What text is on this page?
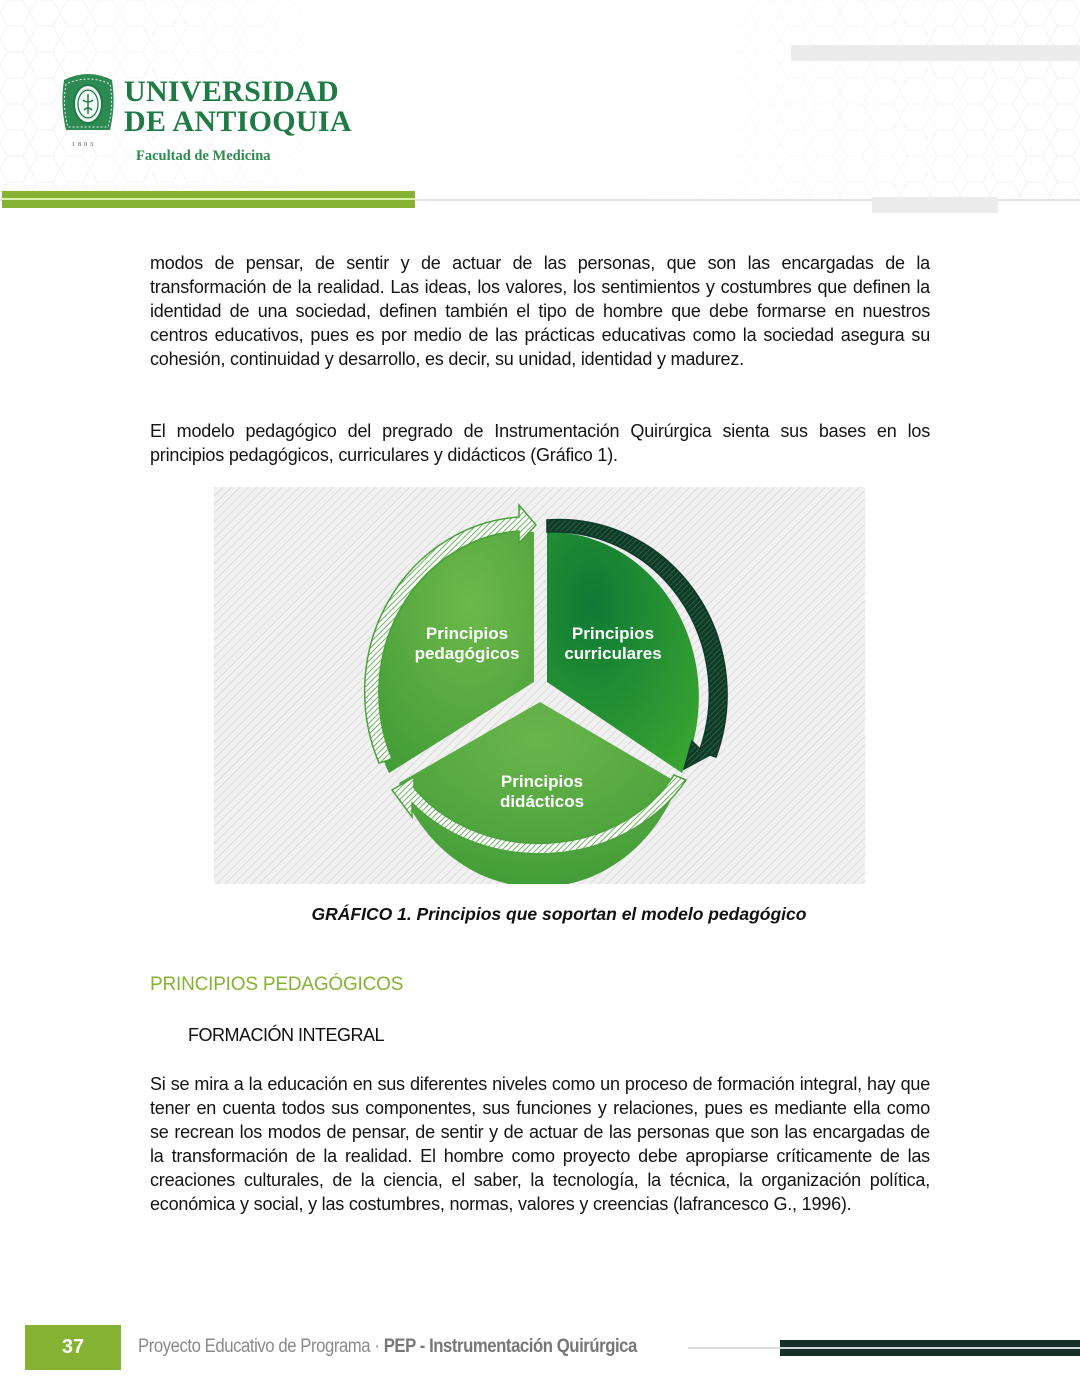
1803
UNIVERSIDAD
DE ANTIOQUIA
Facultad de Medicina

modos de pensar, de sentir y de actuar de las personas, que son las encargadas de la transformación de la realidad. Las ideas, los valores, los sentimientos y costumbres que definen la identidad de una sociedad, definen también el tipo de hombre que debe formarse en nuestros centros educativos, pues es por medio de las prácticas educativas como la sociedad asegura su cohesión, continuidad y desarrollo, es decir, su unidad, identidad y madurez.

El modelo pedagógico del pregrado de Instrumentación Quirúrgica sienta sus bases en los principios pedagógicos, curriculares y didácticos (Gráfico 1).

Principios
pedagógicos
Principios
curriculares
Principios
didácticos
GRÁFICO 1. Principios que soportan el modelo pedagógico
PRINCIPIOS PEDAGÓGICOS
FORMACIÓN INTEGRAL

Si se mira a la educación en sus diferentes niveles como un proceso de formación integral, hay que tener en cuenta todos sus componentes, sus funciones y relaciones, pues es mediante ella como se recrean los modos de pensar, de sentir y de actuar de las personas que son las encargadas de la transformación de la realidad. El hombre como proyecto debe apropiarse críticamente de las creaciones culturales, de la ciencia, el saber, la tecnología, la técnica, la organización política, económica y social, y las costumbres, normas, valores y creencias (lafrancesco G., 1996).

37	Proyecto Educativo de Programa · PEP - Instrumentación Quirúrgica
